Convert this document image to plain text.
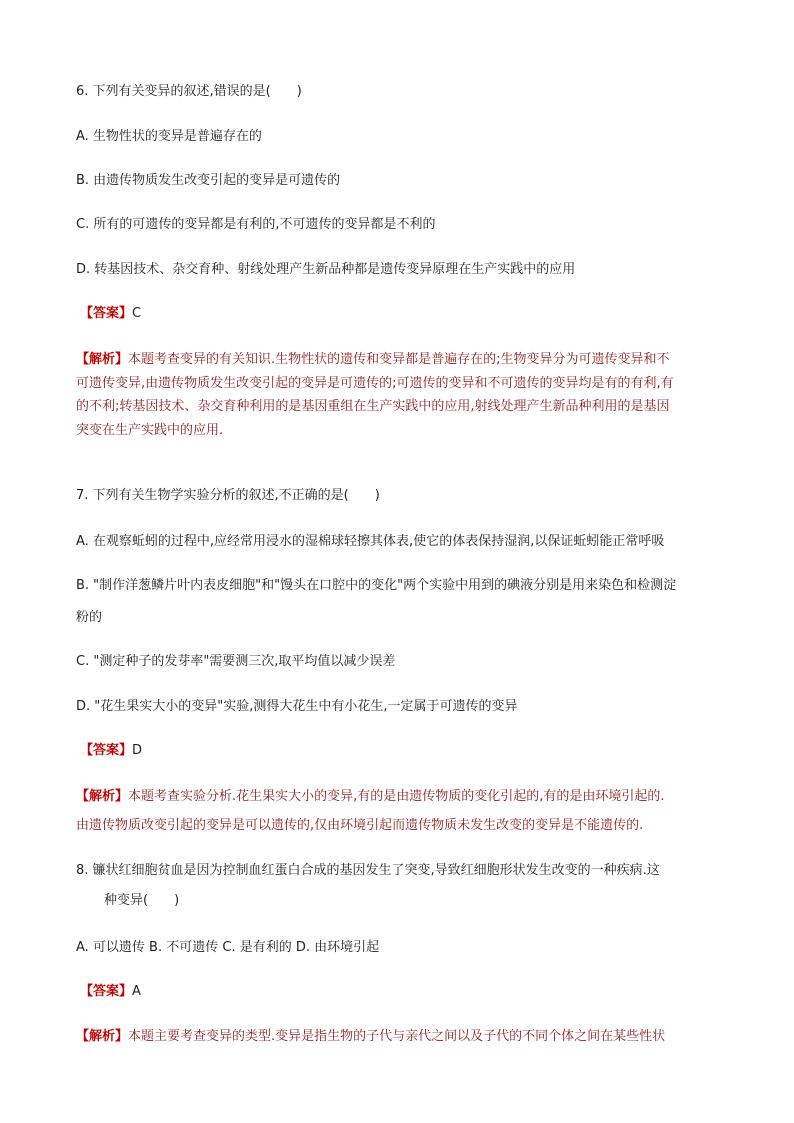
6. 下列有关变异的叙述,错误的是(　　)

A. 生物性状的变异是普遍存在的

B. 由遗传物质发生改变引起的变异是可遗传的

C. 所有的可遗传的变异都是有利的,不可遗传的变异都是不利的

D. 转基因技术、杂交育种、射线处理产生新品种都是遗传变异原理在生产实践中的应用

【答案】C

【解析】本题考查变异的有关知识.生物性状的遗传和变异都是普遍存在的;生物变异分为可遗传变异和不

可遗传变异,由遗传物质发生改变引起的变异是可遗传的;可遗传的变异和不可遗传的变异均是有的有利,有

的不利;转基因技术、杂交育种利用的是基因重组在生产实践中的应用,射线处理产生新品种利用的是基因

突变在生产实践中的应用.

7. 下列有关生物学实验分析的叙述,不正确的是(　　)

A. 在观察蚯蚓的过程中,应经常用浸水的湿棉球轻擦其体表,使它的体表保持湿润,以保证蚯蚓能正常呼吸

B. "制作洋葱鳞片叶内表皮细胞"和"馒头在口腔中的变化"两个实验中用到的碘液分别是用来染色和检测淀

粉的

C. "测定种子的发芽率"需要测三次,取平均值以减少误差

D. "花生果实大小的变异"实验,测得大花生中有小花生,一定属于可遗传的变异

【答案】D

【解析】本题考查实验分析.花生果实大小的变异,有的是由遗传物质的变化引起的,有的是由环境引起的.

由遗传物质改变引起的变异是可以遗传的,仅由环境引起而遗传物质未发生改变的变异是不能遗传的.

8. 镰状红细胞贫血是因为控制血红蛋白合成的基因发生了突变,导致红细胞形状发生改变的一种疾病.这

种变异(　　)

A. 可以遗传 B. 不可遗传 C. 是有利的 D. 由环境引起

【答案】A

【解析】本题主要考查变异的类型.变异是指生物的子代与亲代之间以及子代的不同个体之间在某些性状
